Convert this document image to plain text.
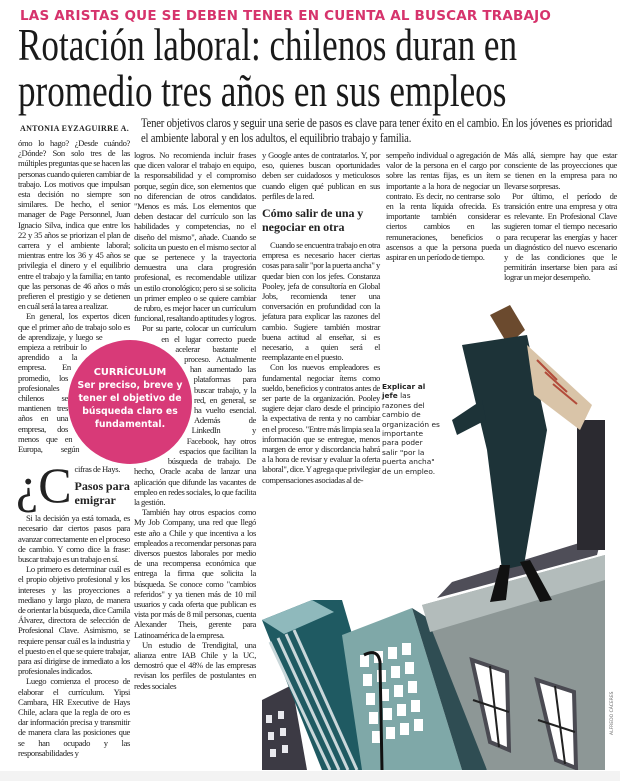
LAS ARISTAS QUE SE DEBEN TENER EN CUENTA AL BUSCAR TRABAJO
Rotación laboral: chilenos duran en promedio tres años en sus empleos
ANTONIA EYZAGUIRRE A. Tener objetivos claros y seguir una serie de pasos es clave para tener éxito en el cambio. En los jóvenes es prioridad el ambiente laboral y en los adultos, el equilibrio trabajo y familia.
¿C

ómo lo hago? ¿Desde cuándo? ¿Dónde? Son solo tres de las múltiples preguntas que se hacen las personas cuando quieren cambiar de trabajo. Los motivos que impulsan esta decisión no siempre son similares. De hecho, el senior manager de Page Personnel, Juan Ignacio Silva, indica que entre los 22 y 35 años se priorizan el plan de carrera y el ambiente laboral; mientras entre los 36 y 45 años se privilegia el dinero y el equilibrio entre el trabajo y la familia; en tanto que las personas de 46 años o más prefieren el prestigio y se detienen en cuál será la tarea a realizar.

En general, los expertos dicen que el primer año de trabajo solo es de aprendizaje, y luego se empieza a retribuir lo aprendido a la empresa. En promedio, los profesionales chilenos se mantienen tres años en una empresa, dos menos que en Europa, según cifras de Hays.

Pasos para emigrar

Si la decisión ya está tomada, es necesario dar ciertos pasos para avanzar correctamente en el proceso de cambio. Y como dice la frase: buscar trabajo es un trabajo en sí.

Lo primero es determinar cuál es el propio objetivo profesional y los intereses y las proyecciones a mediano y largo plazo, de manera de orientar la búsqueda, dice Camila Álvarez, directora de selección de Profesional Clave. Asimismo, se requiere pensar cuál es la industria y el puesto en el que se quiere trabajar, para así dirigirse de inmediato a los profesionales indicados.

Luego comienza el proceso de elaborar el currículum. Yipsi Cambara, HR Executive de Hays Chile, aclara que la regla de oro es dar información precisa y transmitir de manera clara las posiciones que se han ocupado y las responsabilidades y

logros. No recomienda incluir frases que dicen valorar el trabajo en equipo, la responsabilidad y el compromiso porque, según dice, son elementos que no diferencian de otros candidatos. "Menos es más. Los elementos que deben destacar del currículo son las habilidades y competencias, no el diseño del mismo", añade. Cuando se solicita un puesto en el mismo sector al que se pertenece y la trayectoria demuestra una clara progresión profesional, es recomendable utilizar un estilo cronológico; pero si se solicita un primer empleo o se quiere cambiar de rubro, es mejor hacer un currículum funcional, resaltando aptitudes y logros.

Por su parte, colocar un currículum en el lugar correcto puede acelerar bastante el proceso. Actualmente han aumentado las plataformas para buscar trabajo, y la red, en general, se ha vuelto esencial. Además de LinkedIn y Facebook, hay otros espacios que facilitan la búsqueda de trabajo. De hecho, Oracle acaba de lanzar una aplicación que difunde las vacantes de empleo en redes sociales, lo que facilita la gestión.

También hay otros espacios como My Job Company, una red que llegó este año a Chile y que incentiva a los empleados a recomendar personas para diversos puestos laborales por medio de una recompensa económica que entrega la firma que solicita la búsqueda. Se conoce como "cambios referidos" y ya tienen más de 10 mil usuarios y cada oferta que publican es vista por más de 8 mil personas, cuenta Alexander Theis, gerente para Latinoamérica de la empresa.

Un estudio de Trendigital, una alianza entre IAB Chile y la UC, demostró que el 48% de las empresas revisan los perfiles de postulantes en redes sociales

y Google antes de contratarlos. Y, por eso, quienes buscan oportunidades deben ser cuidadosos y meticulosos cuando eligen qué publican en sus perfiles de la red.

Cómo salir de una y negociar en otra

Cuando se encuentra trabajo en otra empresa es necesario hacer ciertas cosas para salir "por la puerta ancha" y quedar bien con los jefes. Constanza Pooley, jefa de consultoría en Global Jobs, recomienda tener una conversación en profundidad con la jefatura para explicar las razones del cambio. Sugiere también mostrar buena actitud al enseñar, si es necesario, a quien será el reemplazante en el puesto.

Con los nuevos empleadores es fundamental negociar ítems como sueldo, beneficios y contratos antes de ser parte de la organización. Pooley sugiere dejar claro desde el principio la expectativa de renta y no cambiar en el proceso. "Entre más limpia sea la información que se entregue, menos margen de error y discordancia habrá a la hora de revisar y evaluar la oferta laboral", dice. Y agrega que privilegiar compensaciones asociadas al de-

sempeño individual o agregación de valor de la persona en el cargo por sobre las rentas fijas, es un ítem importante a la hora de negociar un contrato. Es decir, no centrarse solo en la renta líquida ofrecida. Es importante también considerar ciertos cambios en las remuneraciones, beneficios o ascensos a que la persona pueda aspirar en un período de tiempo.

Más allá, siempre hay que estar consciente de las proyecciones que se tienen en la empresa para no llevarse sorpresas.

Por último, el período de transición entre una empresa y otra es relevante. En Profesional Clave sugieren tomar el tiempo necesario para recuperar las energías y hacer un diagnóstico del nuevo escenario y de las condiciones que le permitirán insertarse bien para así lograr un mejor desempeño.

Explicar al jefe las razones del cambio de organización es importante para poder salir "por la puerta ancha" de un empleo.
ALFREDO CÁCERES
CURRÍCULUM
Ser preciso, breve y tener el objetivo de búsqueda claro es fundamental.
